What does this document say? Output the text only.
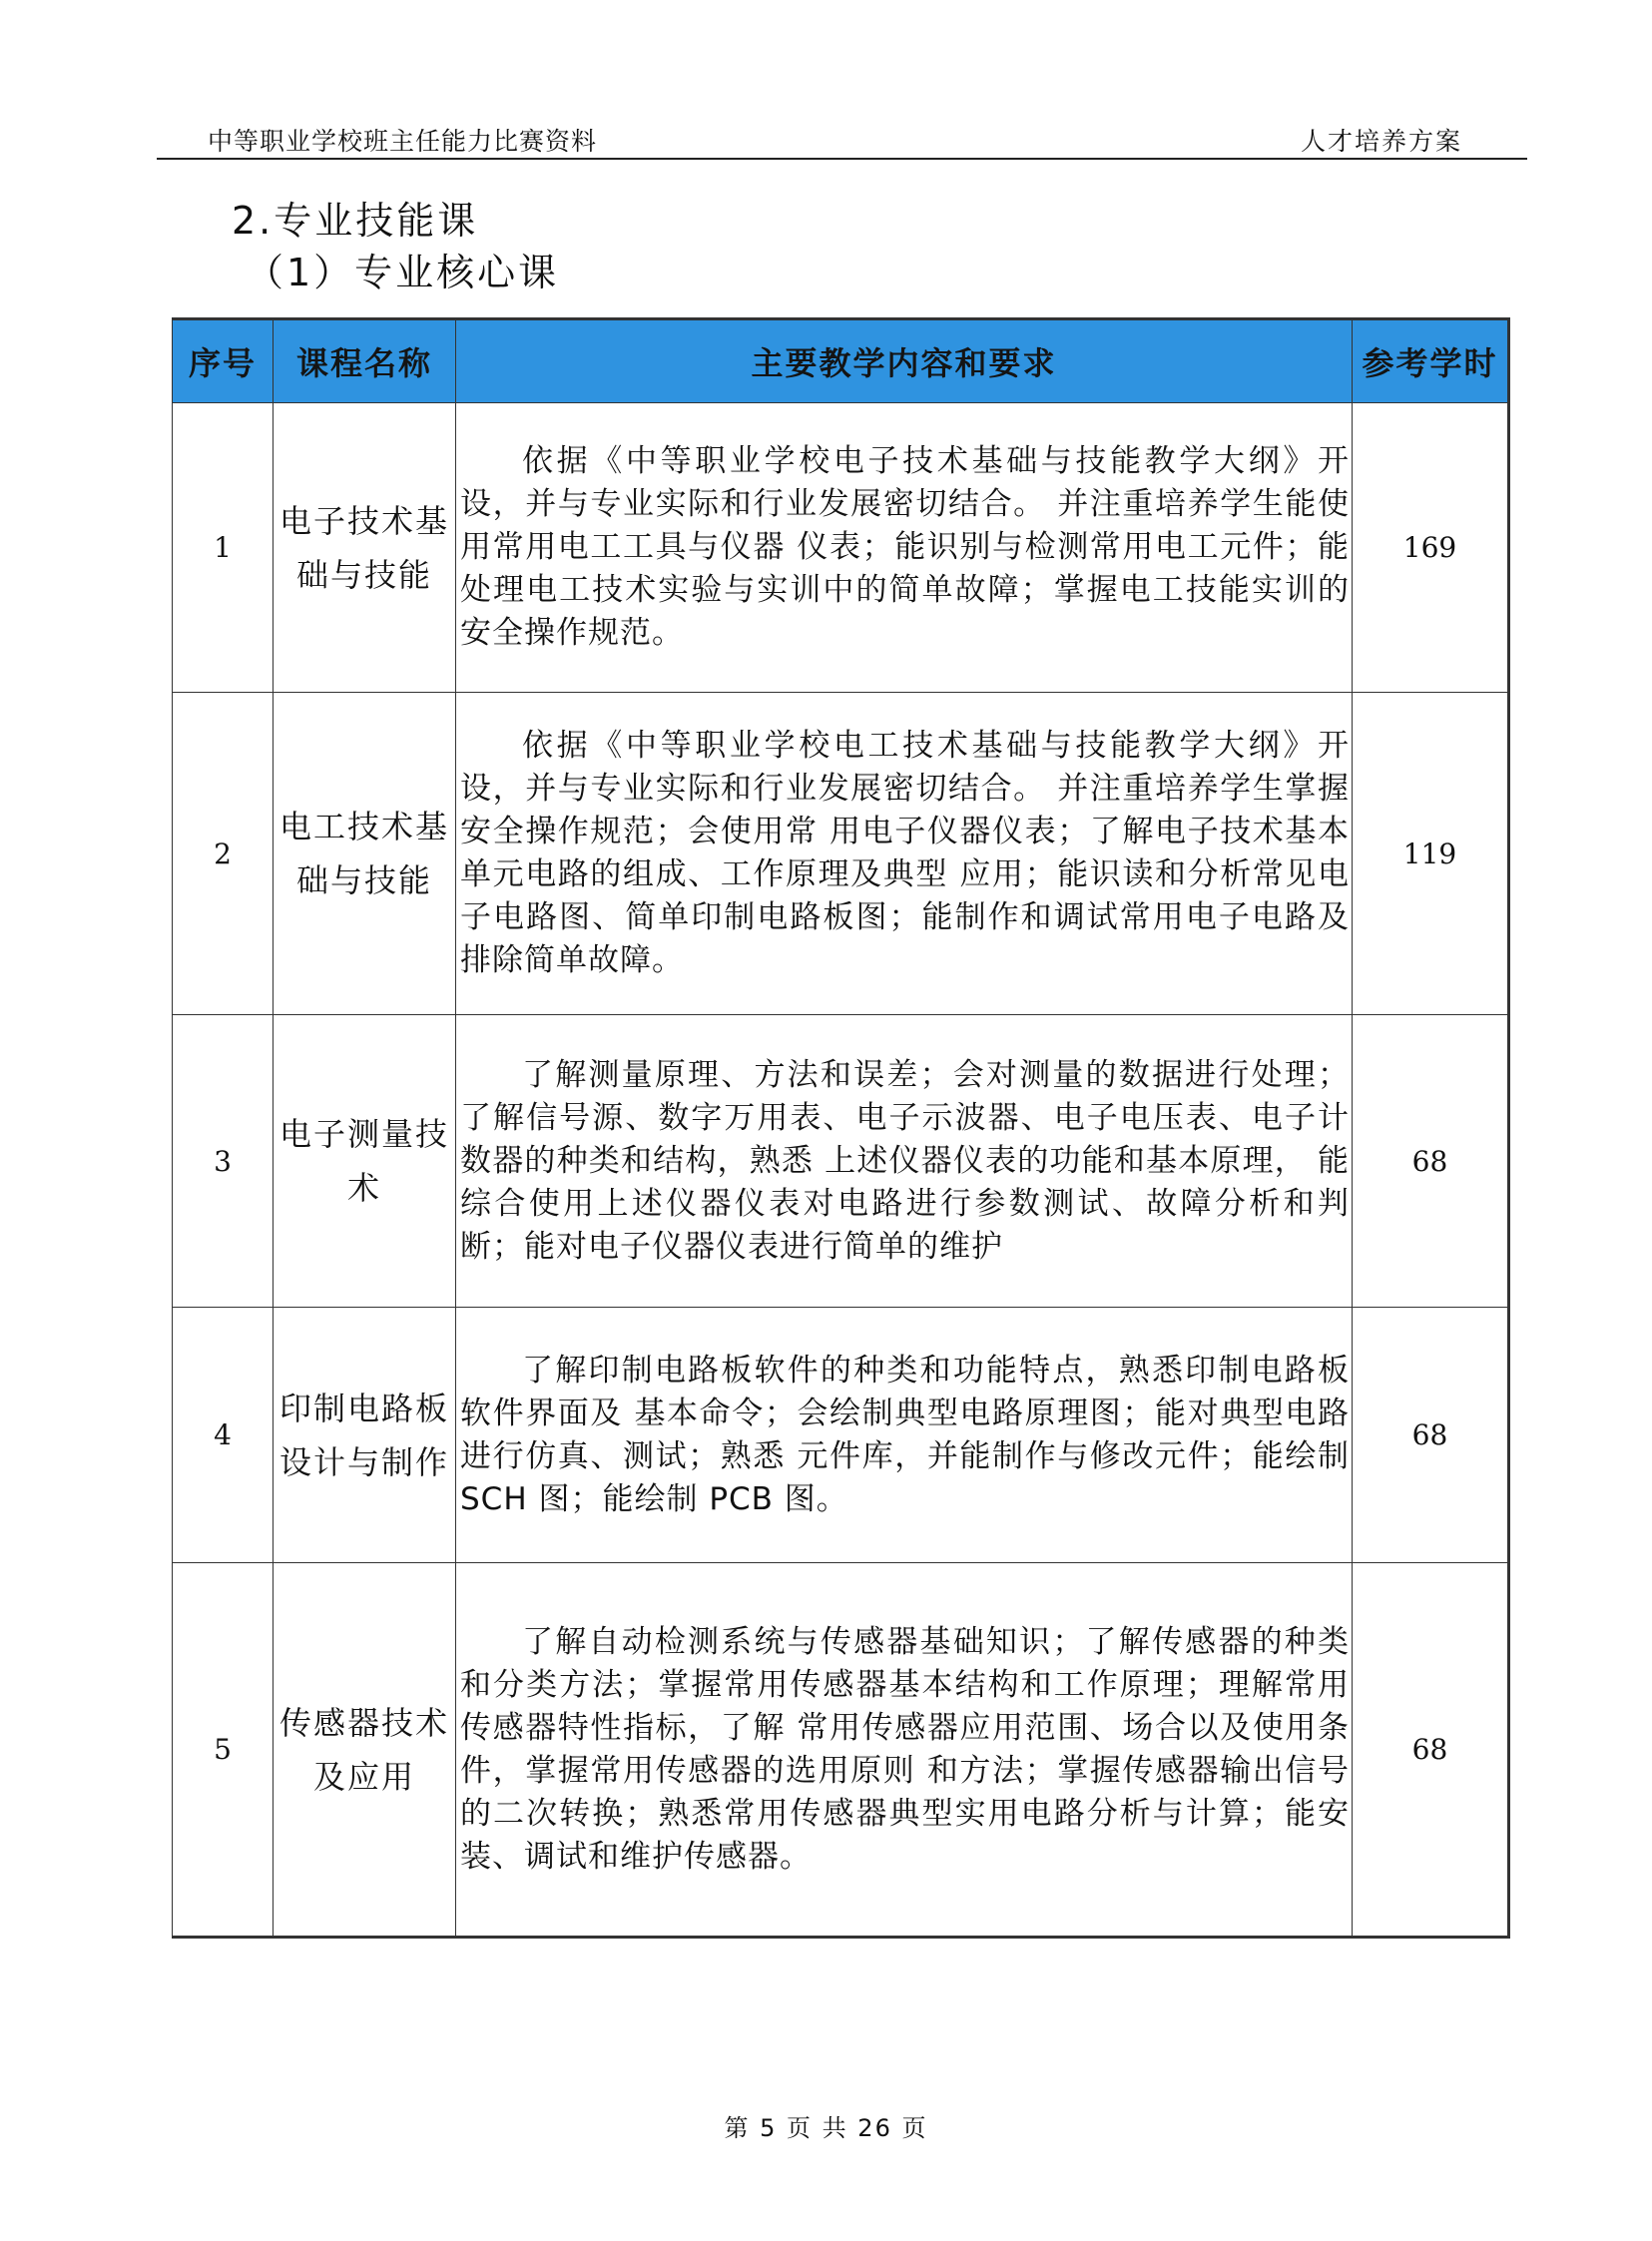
中等职业学校班主任能力比赛资料	人才培养方案
2.专业技能课
（1）专业核心课
序号	课程名称	主要教学内容和要求	参考学时
1	电子技术基础与技能	依据《中等职业学校电子技术基础与技能教学大纲》开设，并与专业实际和行业发展密切结合。 并注重培养学生能使用常用电工工具与仪器 仪表；能识别与检测常用电工元件；能处理电工技术实验与实训中的简单故障；掌握电工技能实训的安全操作规范。	169
2	电工技术基础与技能	依据《中等职业学校电工技术基础与技能教学大纲》开设，并与专业实际和行业发展密切结合。 并注重培养学生掌握安全操作规范；会使用常 用电子仪器仪表；了解电子技术基本单元电路的组成、工作原理及典型 应用；能识读和分析常见电子电路图、简单印制电路板图；能制作和调试常用电子电路及排除简单故障。	119
3	电子测量技术	了解测量原理、方法和误差；会对测量的数据进行处理；了解信号源、数字万用表、电子示波器、电子电压表、电子计数器的种类和结构，熟悉 上述仪器仪表的功能和基本原理， 能综合使用上述仪器仪表对电路进行参数测试、故障分析和判断；能对电子仪器仪表进行简单的维护	68
4	印制电路板设计与制作	了解印制电路板软件的种类和功能特点，熟悉印制电路板软件界面及 基本命令；会绘制典型电路原理图；能对典型电路进行仿真、测试；熟悉 元件库，并能制作与修改元件；能绘制 SCH 图；能绘制 PCB 图。	68
5	传感器技术及应用	了解自动检测系统与传感器基础知识；了解传感器的种类和分类方法；掌握常用传感器基本结构和工作原理；理解常用传感器特性指标，了解 常用传感器应用范围、场合以及使用条件，掌握常用传感器的选用原则 和方法；掌握传感器输出信号的二次转换；熟悉常用传感器典型实用电路分析与计算；能安装、调试和维护传感器。	68
第 5 页 共 26 页
